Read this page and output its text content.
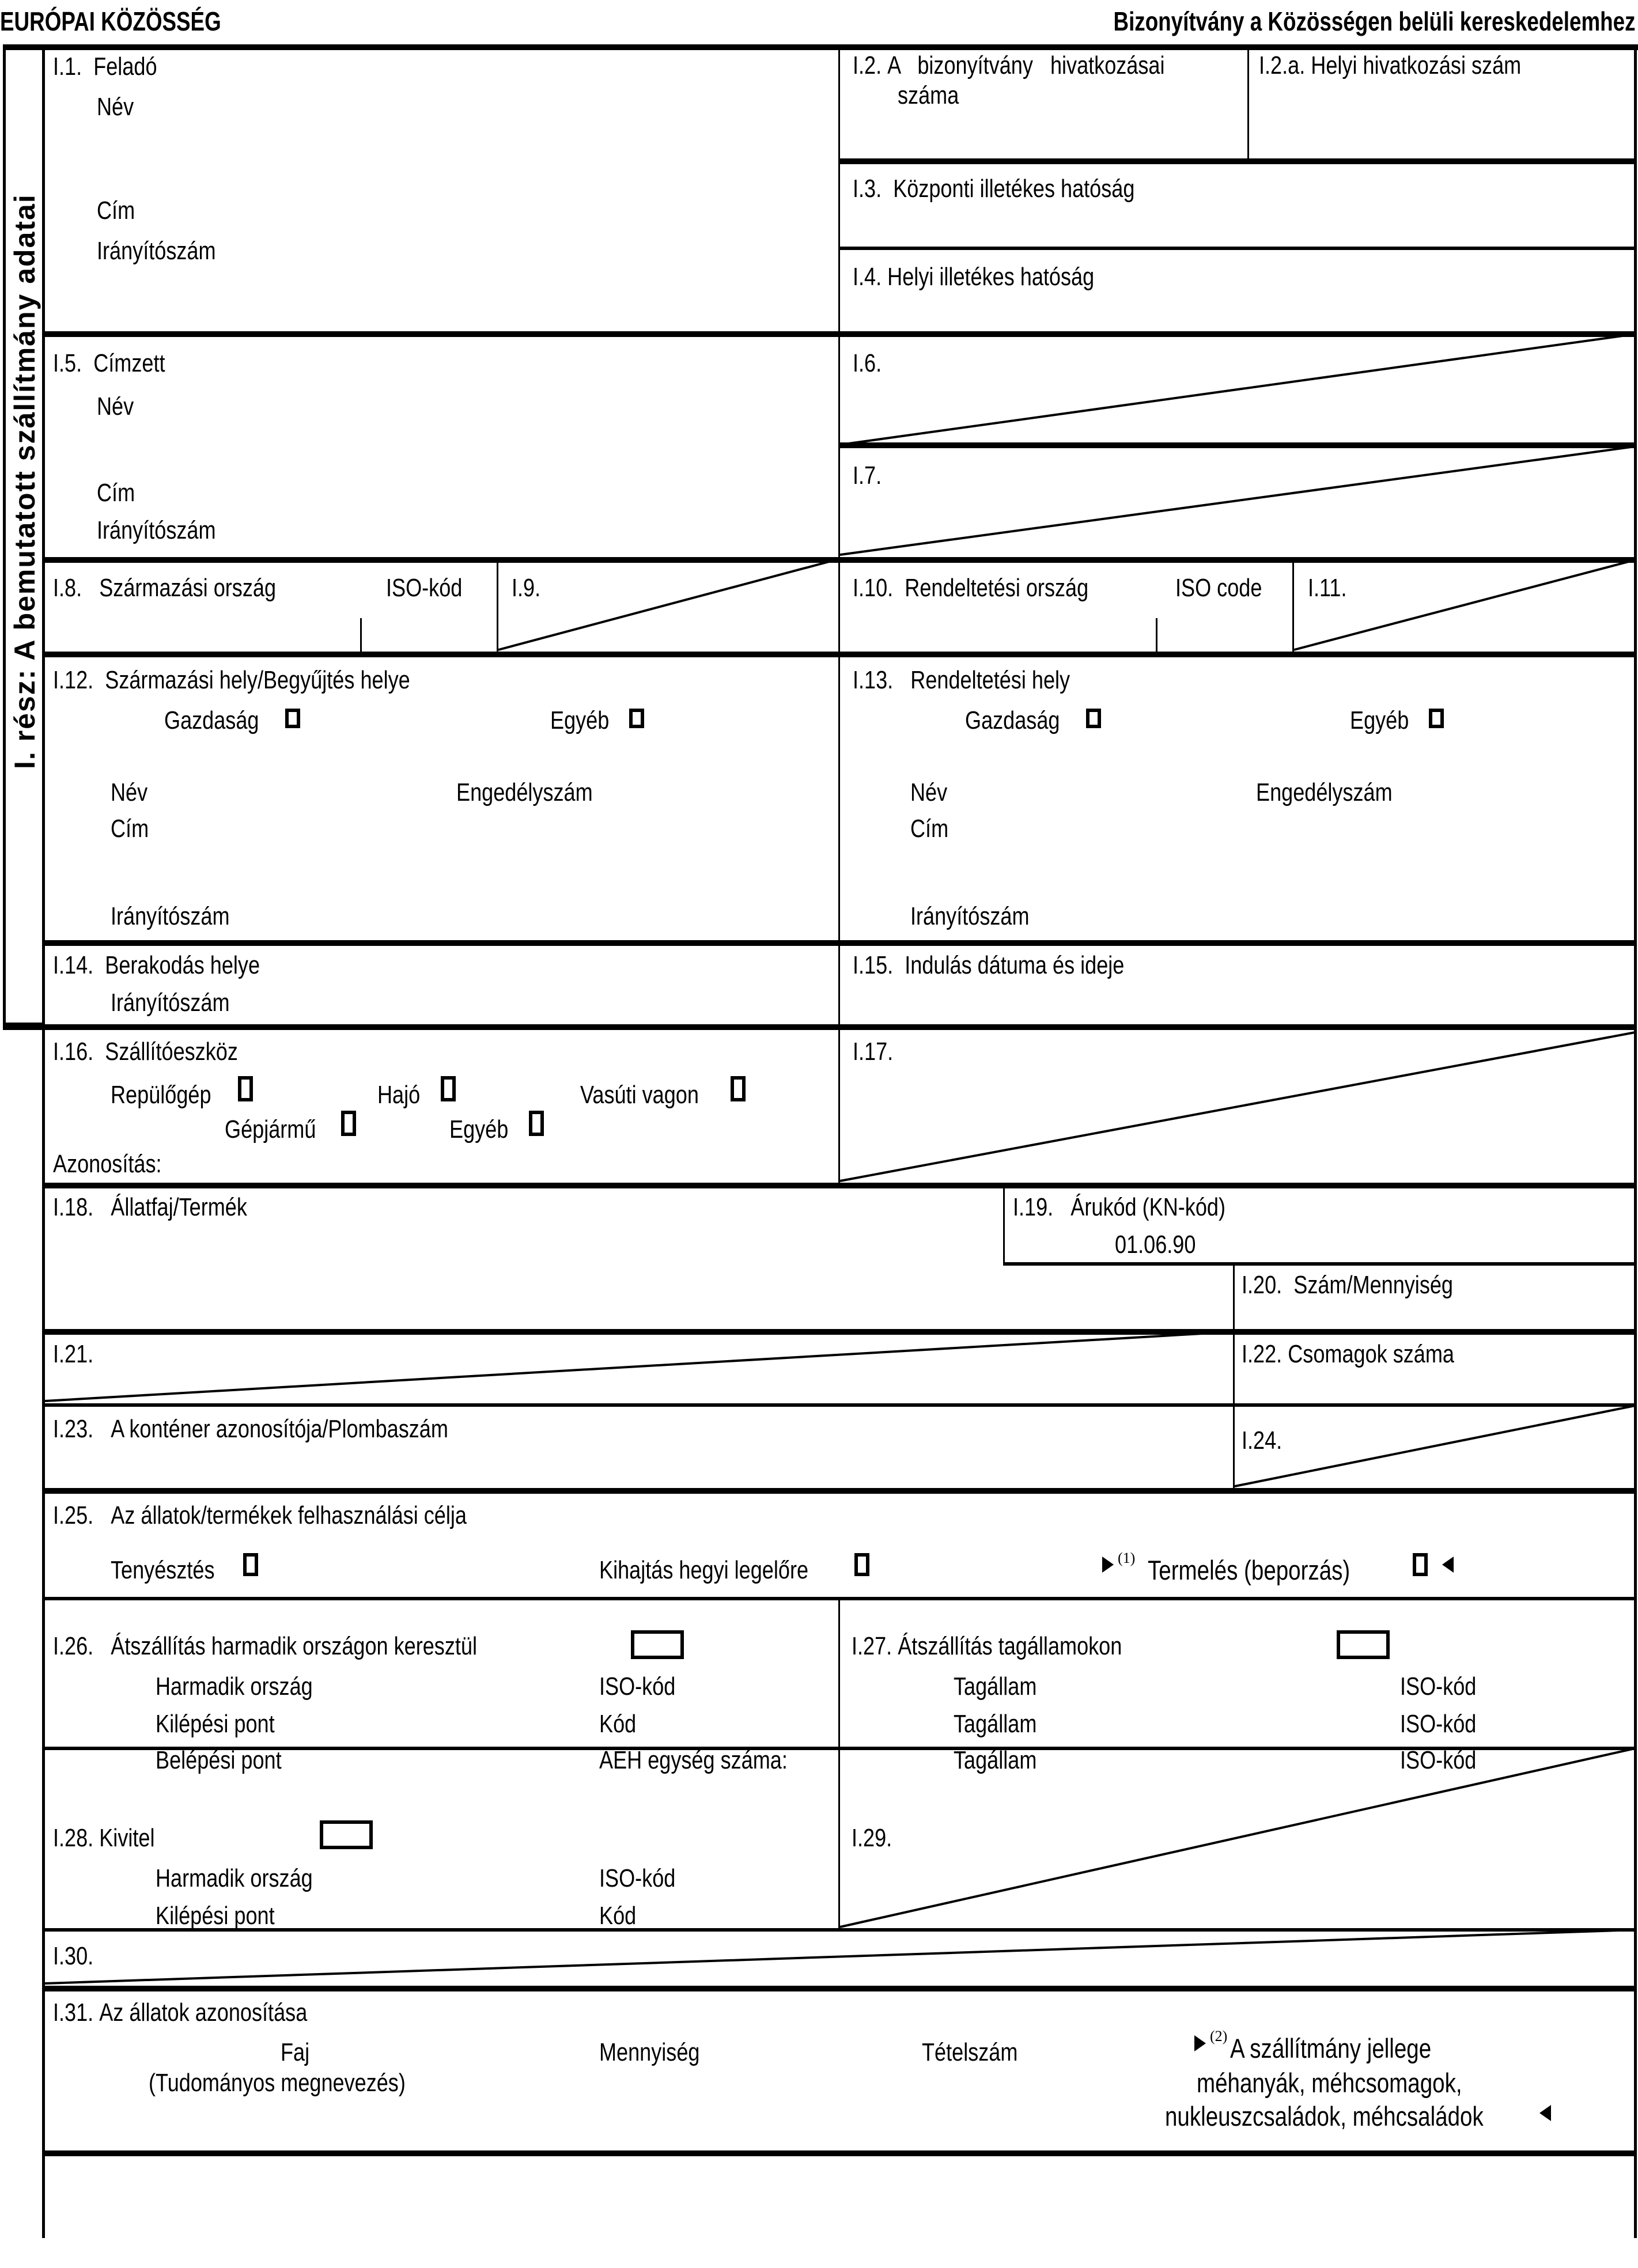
EURÓPAI KÖZÖSSÉG	Bizonyítvány a Közösségen belüli kereskedelemhez
I. rész: A bemutatott szállítmány adatai
I.1. Feladó
Név
Cím
Irányítószám
I.2. A   bizonyítvány   hivatkozásai
száma
I.2.a. Helyi hivatkozási szám
I.3. Központi illetékes hatóság
I.4. Helyi illetékes hatóság
I.5. Címzett
Név
Cím
Irányítószám
I.6.
I.7.
I.8. Származási ország	ISO-kód I.9.	I.10. Rendeltetési ország	ISO code I.11.
I.12. Származási hely/Begyűjtés helye
Gazdaság	Egyéb
Név	Engedélyszám
Cím
Irányítószám
I.13. Rendeltetési hely
Gazdaság	Egyéb
Név	Engedélyszám
Cím
Irányítószám
I.14. Berakodás helye
Irányítószám
I.15. Indulás dátuma és ideje
I.16. Szállítóeszköz
Repülőgép	Hajó	Vasúti vagon
Gépjármű	Egyéb
Azonosítás:
I.17.
I.18. Állatfaj/Termék	I.19. Árukód (KN-kód)
01.06.90
I.20. Szám/Mennyiség
I.21.	I.22. Csomagok száma
I.23. A konténer azonosítója/Plombaszám	I.24.
I.25. Az állatok/termékek felhasználási célja
Tenyésztés	Kihajtás hegyi legelőre	(1) Termelés (beporzás)
I.26. Átszállítás harmadik országon keresztül
Harmadik ország	ISO-kód
Kilépési pont	Kód
Belépési pont	ÁEH egység száma:
I.27. Átszállítás tagállamokon
Tagállam	ISO-kód
Tagállam	ISO-kód
Tagállam	ISO-kód
I.28. Kivitel
Harmadik ország	ISO-kód
Kilépési pont	Kód
I.29.
I.30.
I.31. Az állatok azonosítása
Faj
(Tudományos megnevezés)
Mennyiség	Tételszám
(2) A szállítmány jellege
méhanyák, méhcsomagok,
nukleuszcsaládok, méhcsaládok
